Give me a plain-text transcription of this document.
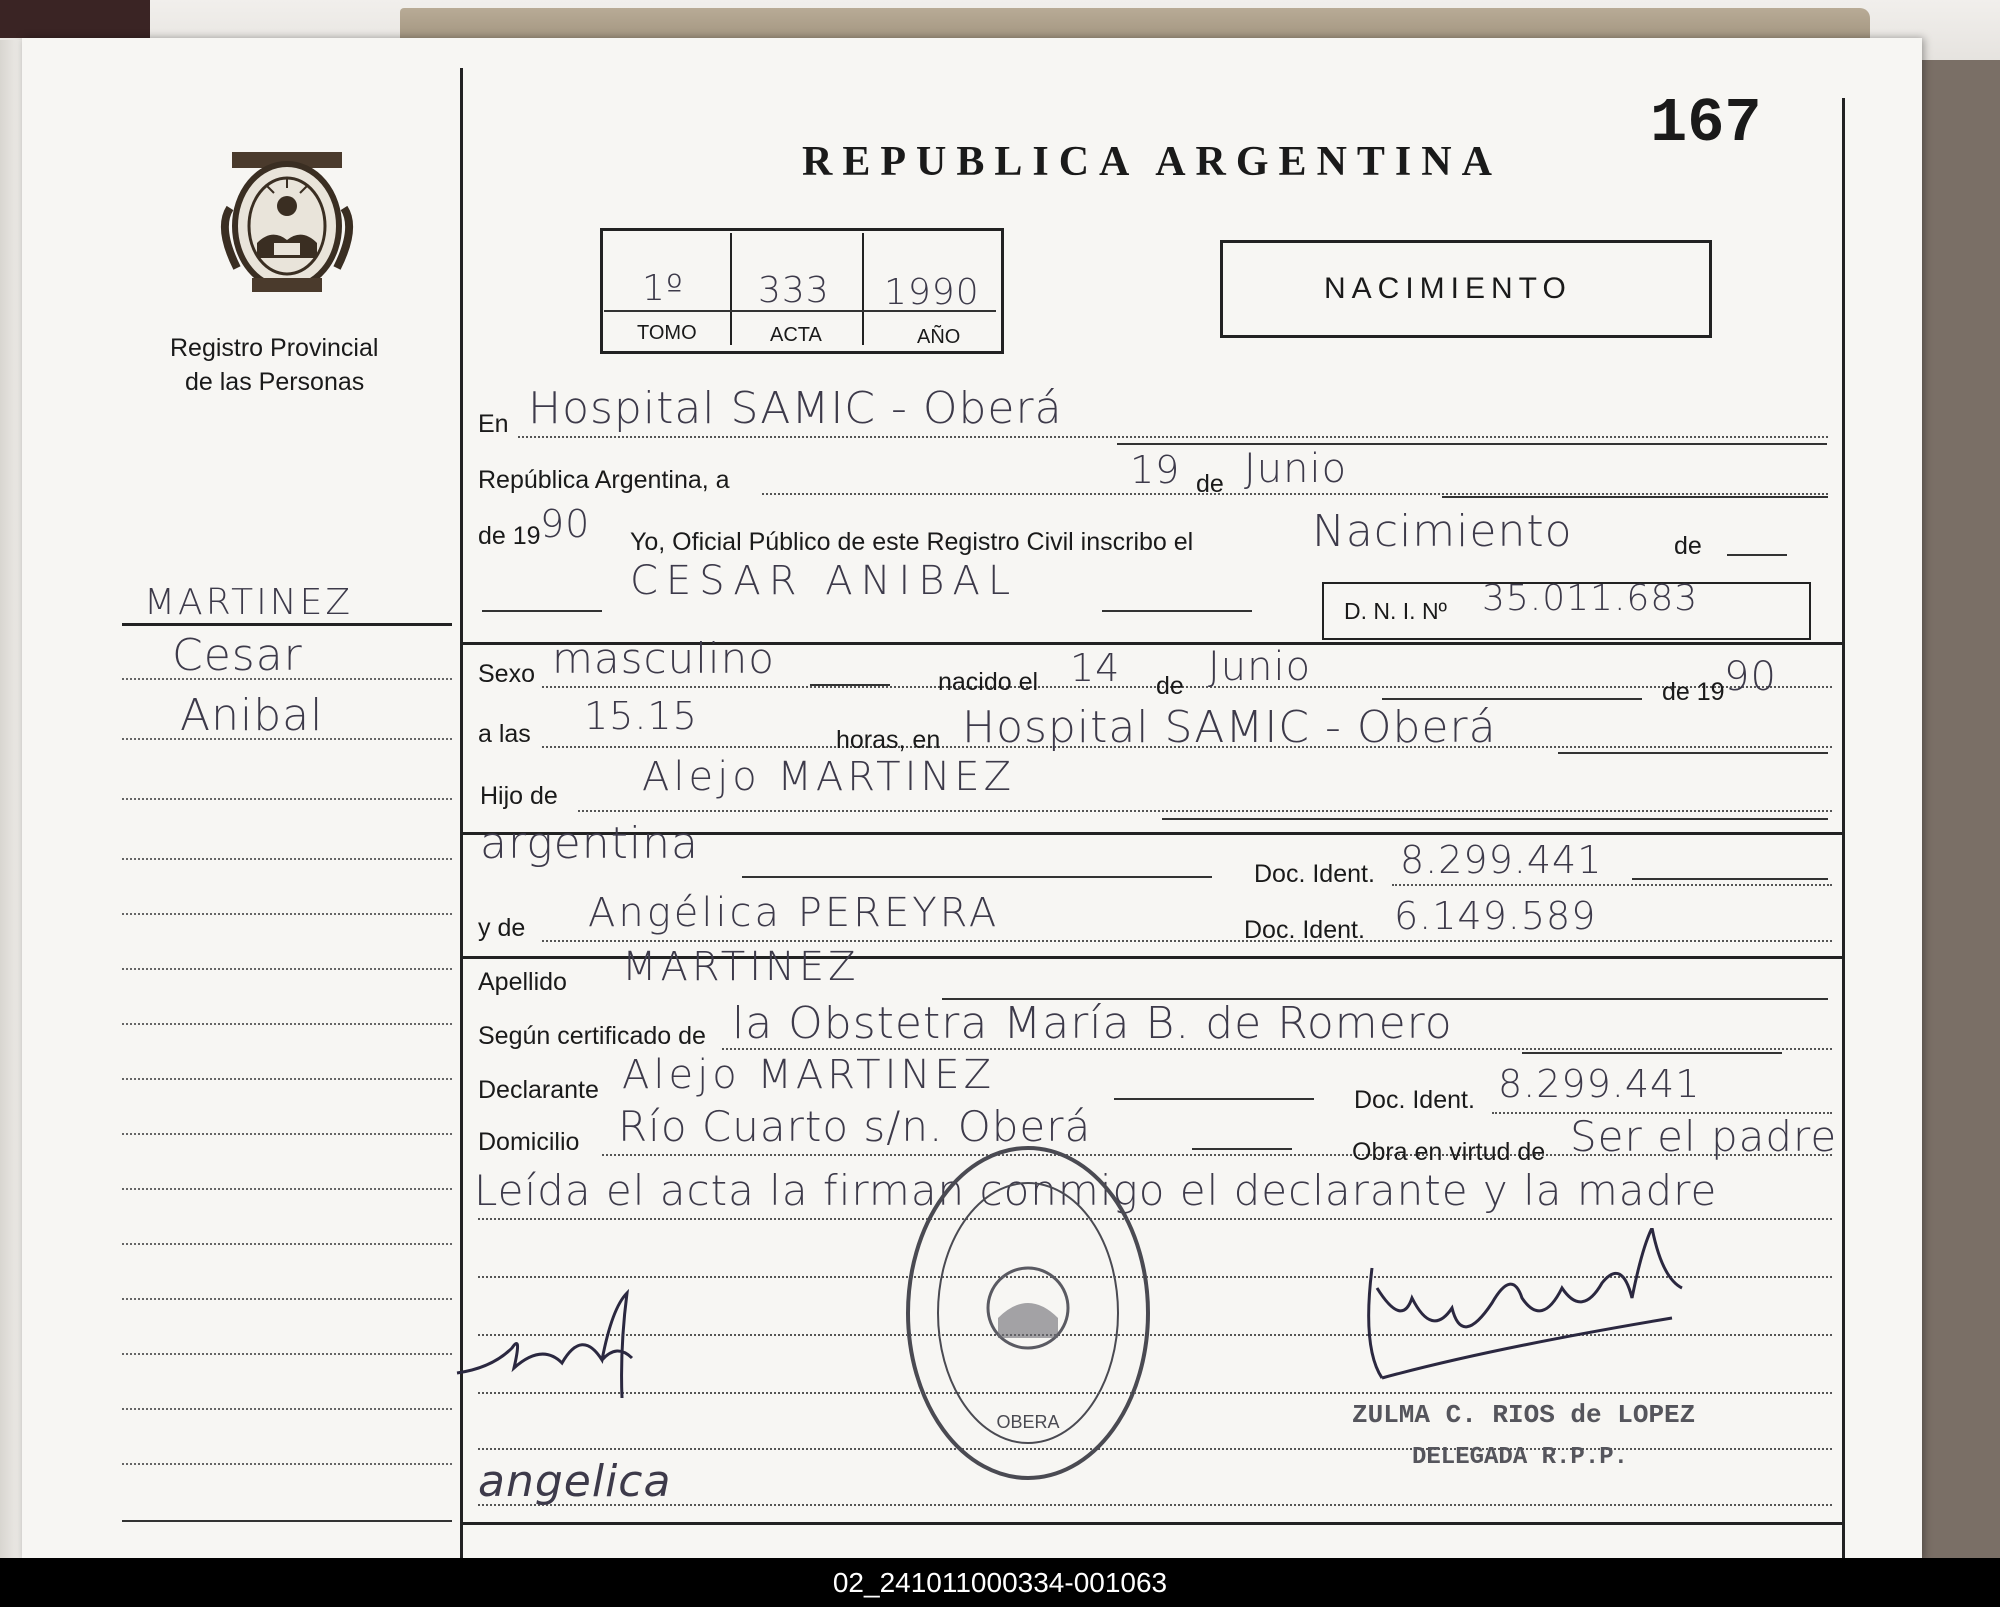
167
Registro Provincial
de las Personas
REPUBLICA ARGENTINA
1º 333 1990
TOMO	ACTA	AÑO
NACIMIENTO
MARTINEZ
Cesar
Anibal
En Hospital SAMIC - Oberá
República Argentina, a	19 de Junio
de 19 90 Yo, Oficial Público de este Registro Civil inscribo el	Nacimiento	de
CESAR ANIBAL
D. N. I. Nº 35.011.683
Sexo masculino	nacido el 14 de Junio
de 19 90
a las 15.15
horas, en Hospital SAMIC - Oberá
Hijo de Alejo MARTINEZ
argentina
Doc. Ident. 8.299.441
y de Angélica PEREYRA	Doc. Ident. 6.149.589
Apellido MARTINEZ
Según certificado de la Obstetra María B. de Romero
Declarante Alejo MARTINEZ
Doc. Ident. 8.299.441
Domicilio Río Cuarto s/n. Oberá
Obra en virtud de Ser el padre
Leída el acta la firman conmigo el declarante y la madre
angelica
OBERA	ZULMA C. RIOS de LOPEZ
DELEGADA R.P.P.
02_241011000334-001063
